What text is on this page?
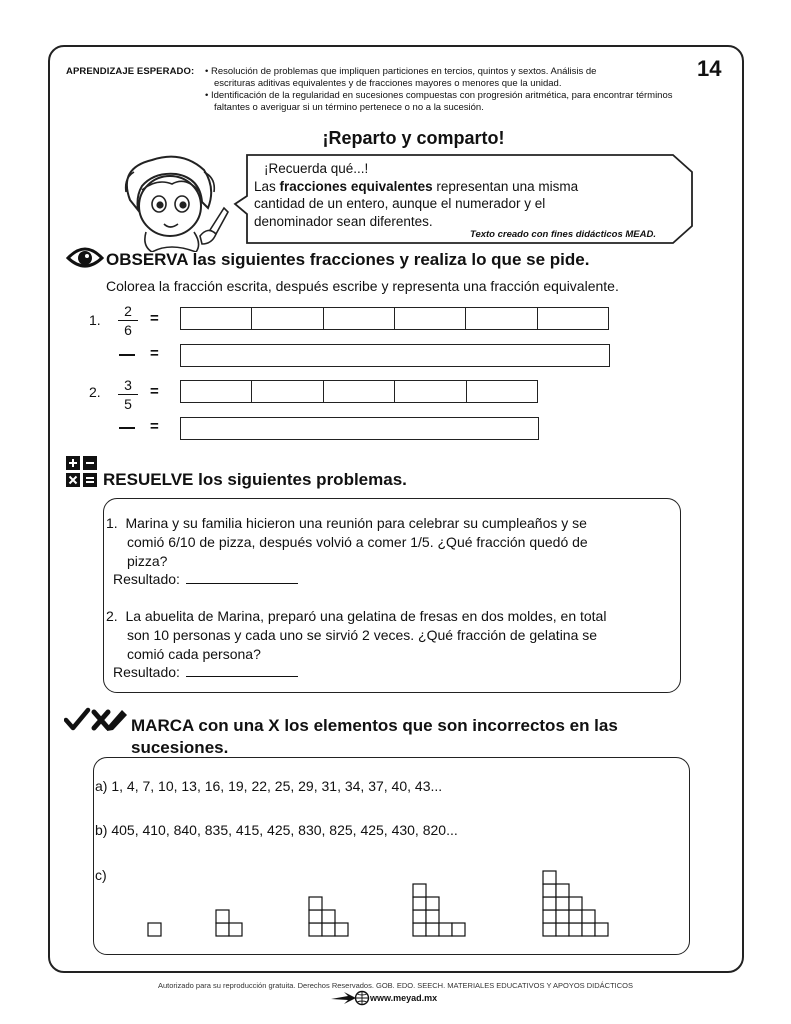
14
APRENDIZAJE ESPERADO: • Resolución de problemas que impliquen particiones en tercios, quintos y sextos. Análisis de
escrituras aditivas equivalentes y de fracciones mayores o menores que la unidad.
• Identificación de la regularidad en sucesiones compuestas con progresión aritmética, para encontrar términos
faltantes o averiguar si un término pertenece o no a la sucesión.
¡Reparto y comparto!
¡Recuerda qué...!
Las fracciones equivalentes representan una misma
cantidad de un entero, aunque el numerador y el
denominador sean diferentes.
Texto creado con fines didácticos MEAD.
OBSERVA las siguientes fracciones y realiza lo que se pide.
Colorea la fracción escrita, después escribe y representa una fracción equivalente.
1.
2
6
=
=
2.	3
5
=
=
RESUELVE los siguientes problemas.
1. Marina y su familia hicieron una reunión para celebrar su cumpleaños y se
comió 6/10 de pizza, después volvió a comer 1/5. ¿Qué fracción quedó de
pizza?
Resultado:
2. La abuelita de Marina, preparó una gelatina de fresas en dos moldes, en total
son 10 personas y cada uno se sirvió 2 veces. ¿Qué fracción de gelatina se
comió cada persona?
Resultado:
MARCA con una X los elementos que son incorrectos en las
sucesiones.
a) 1, 4, 7, 10, 13, 16, 19, 22, 25, 29, 31, 34, 37, 40, 43...
b) 405, 410, 840, 835, 415, 425, 830, 825, 425, 430, 820...
c)
Autorizado para su reproducción gratuita. Derechos Reservados. GOB. EDO. SEECH. MATERIALES EDUCATIVOS Y APOYOS DIDÁCTICOS
www.meyad.mx
